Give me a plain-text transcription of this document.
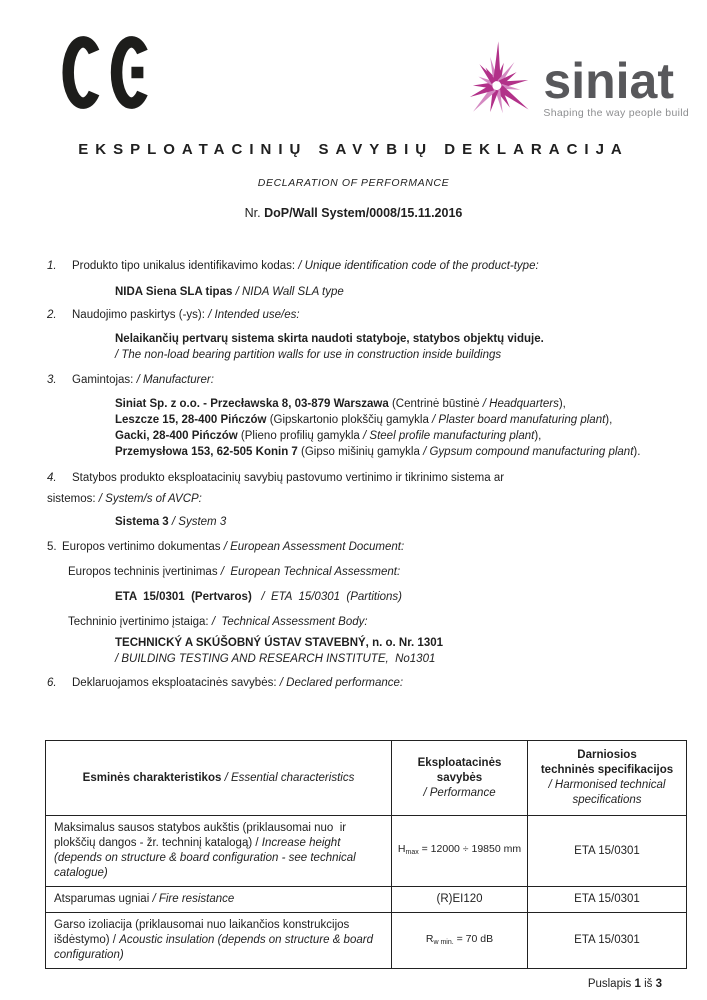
siniat
Shaping the way people build
EKSPLOATACINIŲ SAVYBIŲ DEKLARACIJA
DECLARATION OF PERFORMANCE
Nr. DoP/Wall System/0008/15.11.2016
1.	Produkto tipo unikalus identifikavimo kodas: / Unique identification code of the product-type:
NIDA Siena SLA tipas / NIDA Wall SLA type
2.	Naudojimo paskirtys (-ys): / Intended use/es:
Nelaikančių pertvarų sistema skirta naudoti statyboje, statybos objektų viduje.
/ The non-load bearing partition walls for use in construction inside buildings
3.	Gamintojas: / Manufacturer:
Siniat Sp. z o.o. - Przecławska 8, 03-879 Warszawa (Centrinė būstinė / Headquarters),
Leszcze 15, 28-400 Pińczów (Gipskartonio plokščių gamykla / Plaster board manufaturing plant),
Gacki, 28-400 Pińczów (Plieno profilių gamykla / Steel profile manufacturing plant),
Przemysłowa 153, 62-505 Konin 7 (Gipso mišinių gamykla / Gypsum compound manufacturing plant).
4.	Statybos produkto eksploatacinių savybių pastovumo vertinimo ir tikrinimo sistema ar
sistemos: / System/s of AVCP:
Sistema 3 / System 3
5. Europos vertinimo dokumentas / European Assessment Document:
Europos techninis įvertinimas /  European Technical Assessment:
ETA  15/0301  (Pertvaros)   /  ETA  15/0301  (Partitions)
Techninio įvertinimo įstaiga: /  Technical Assessment Body:
TECHNICKÝ A SKÚŠOBNÝ ÚSTAV STAVEBNÝ, n. o. Nr. 1301
/ BUILDING TESTING AND RESEARCH INSTITUTE,  No1301
6.	Deklaruojamos eksploatacinės savybės: / Declared performance:
Esminės charakteristikos / Essential characteristics	
Eksploatacinės savybės
/ Performance

Darniosios
techninės specifikacijos
/ Harmonised technical
specifications

Maksimalus sausos statybos aukštis (priklausomai nuo  ir plokščių dangos - žr. techninį katalogą) / Increase height (depends on structure & board configuration - see technical catalogue)	$H_{max} = 12000 \div 19850$ mm	ETA 15/0301
Atsparumas ugniai / Fire resistance	(R)EI120	ETA 15/0301
Garso izoliacija (priklausomai nuo laikančios konstrukcijos išdėstymo) / Acoustic insulation (depends on structure & board configuration)	$R_{w min.} = 70$ dB	ETA 15/0301
Puslapis 1 iš 3
